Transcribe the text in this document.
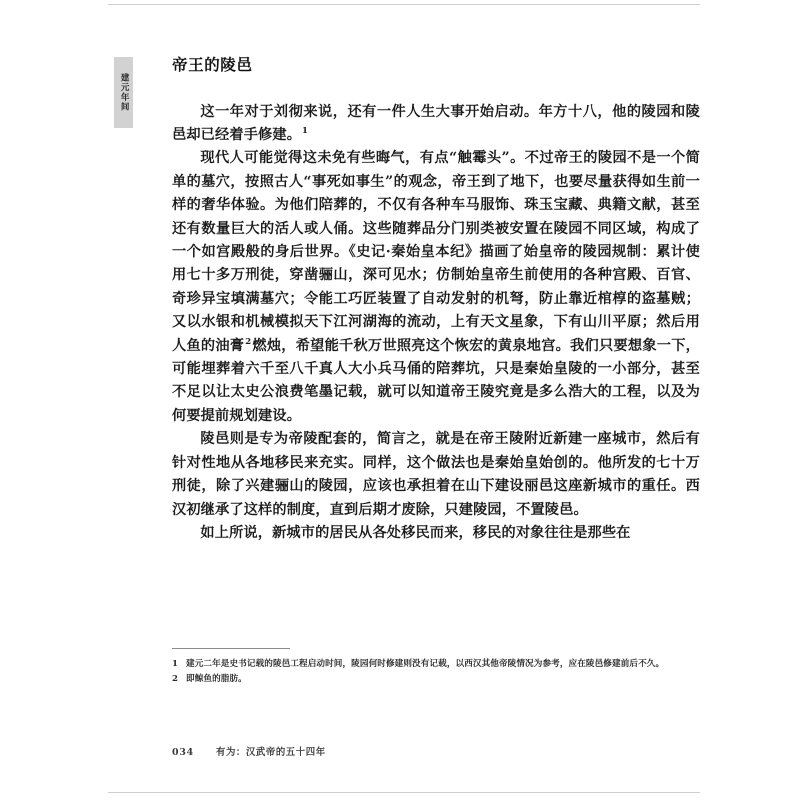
建元年间
帝王的陵邑

这一年对于刘彻来说，还有一件人生大事开始启动。年方十八，他的陵园和陵邑却已经着手修建。$^1$

现代人可能觉得这未免有些晦气，有点“触霉头”。不过帝王的陵园不是一个简单的墓穴，按照古人“事死如事生”的观念，帝王到了地下，也要尽量获得如生前一样的奢华体验。为他们陪葬的，不仅有各种车马服饰、珠玉宝藏、典籍文献，甚至还有数量巨大的活人或人俑。这些随葬品分门别类被安置在陵园不同区域，构成了一个如宫殿般的身后世界。《史记·秦始皇本纪》描画了始皇帝的陵园规制：累计使用七十多万刑徒，穿凿骊山，深可见水；仿制始皇帝生前使用的各种宫殿、百官、奇珍异宝填满墓穴；令能工巧匠装置了自动发射的机弩，防止靠近棺椁的盗墓贼；又以水银和机械模拟天下江河湖海的流动，上有天文星象，下有山川平原；然后用人鱼的油膏$^2$燃烛，希望能千秋万世照亮这个恢宏的黄泉地宫。我们只要想象一下，可能埋葬着六千至八千真人大小兵马俑的陪葬坑，只是秦始皇陵的一小部分，甚至不足以让太史公浪费笔墨记载，就可以知道帝王陵究竟是多么浩大的工程，以及为何要提前规划建设。

陵邑则是专为帝陵配套的，简言之，就是在帝王陵附近新建一座城市，然后有针对性地从各地移民来充实。同样，这个做法也是秦始皇始创的。他所发的七十万刑徒，除了兴建骊山的陵园，应该也承担着在山下建设丽邑这座新城市的重任。西汉初继承了这样的制度，直到后期才废除，只建陵园，不置陵邑。

如上所说，新城市的居民从各处移民而来，移民的对象往往是那些在

1 建元二年是史书记载的陵邑工程启动时间，陵园何时修建则没有记载，以西汉其他帝陵情况为参考，应在陵邑修建前后不久。
2 即鲸鱼的脂肪。
034 有为：汉武帝的五十四年
